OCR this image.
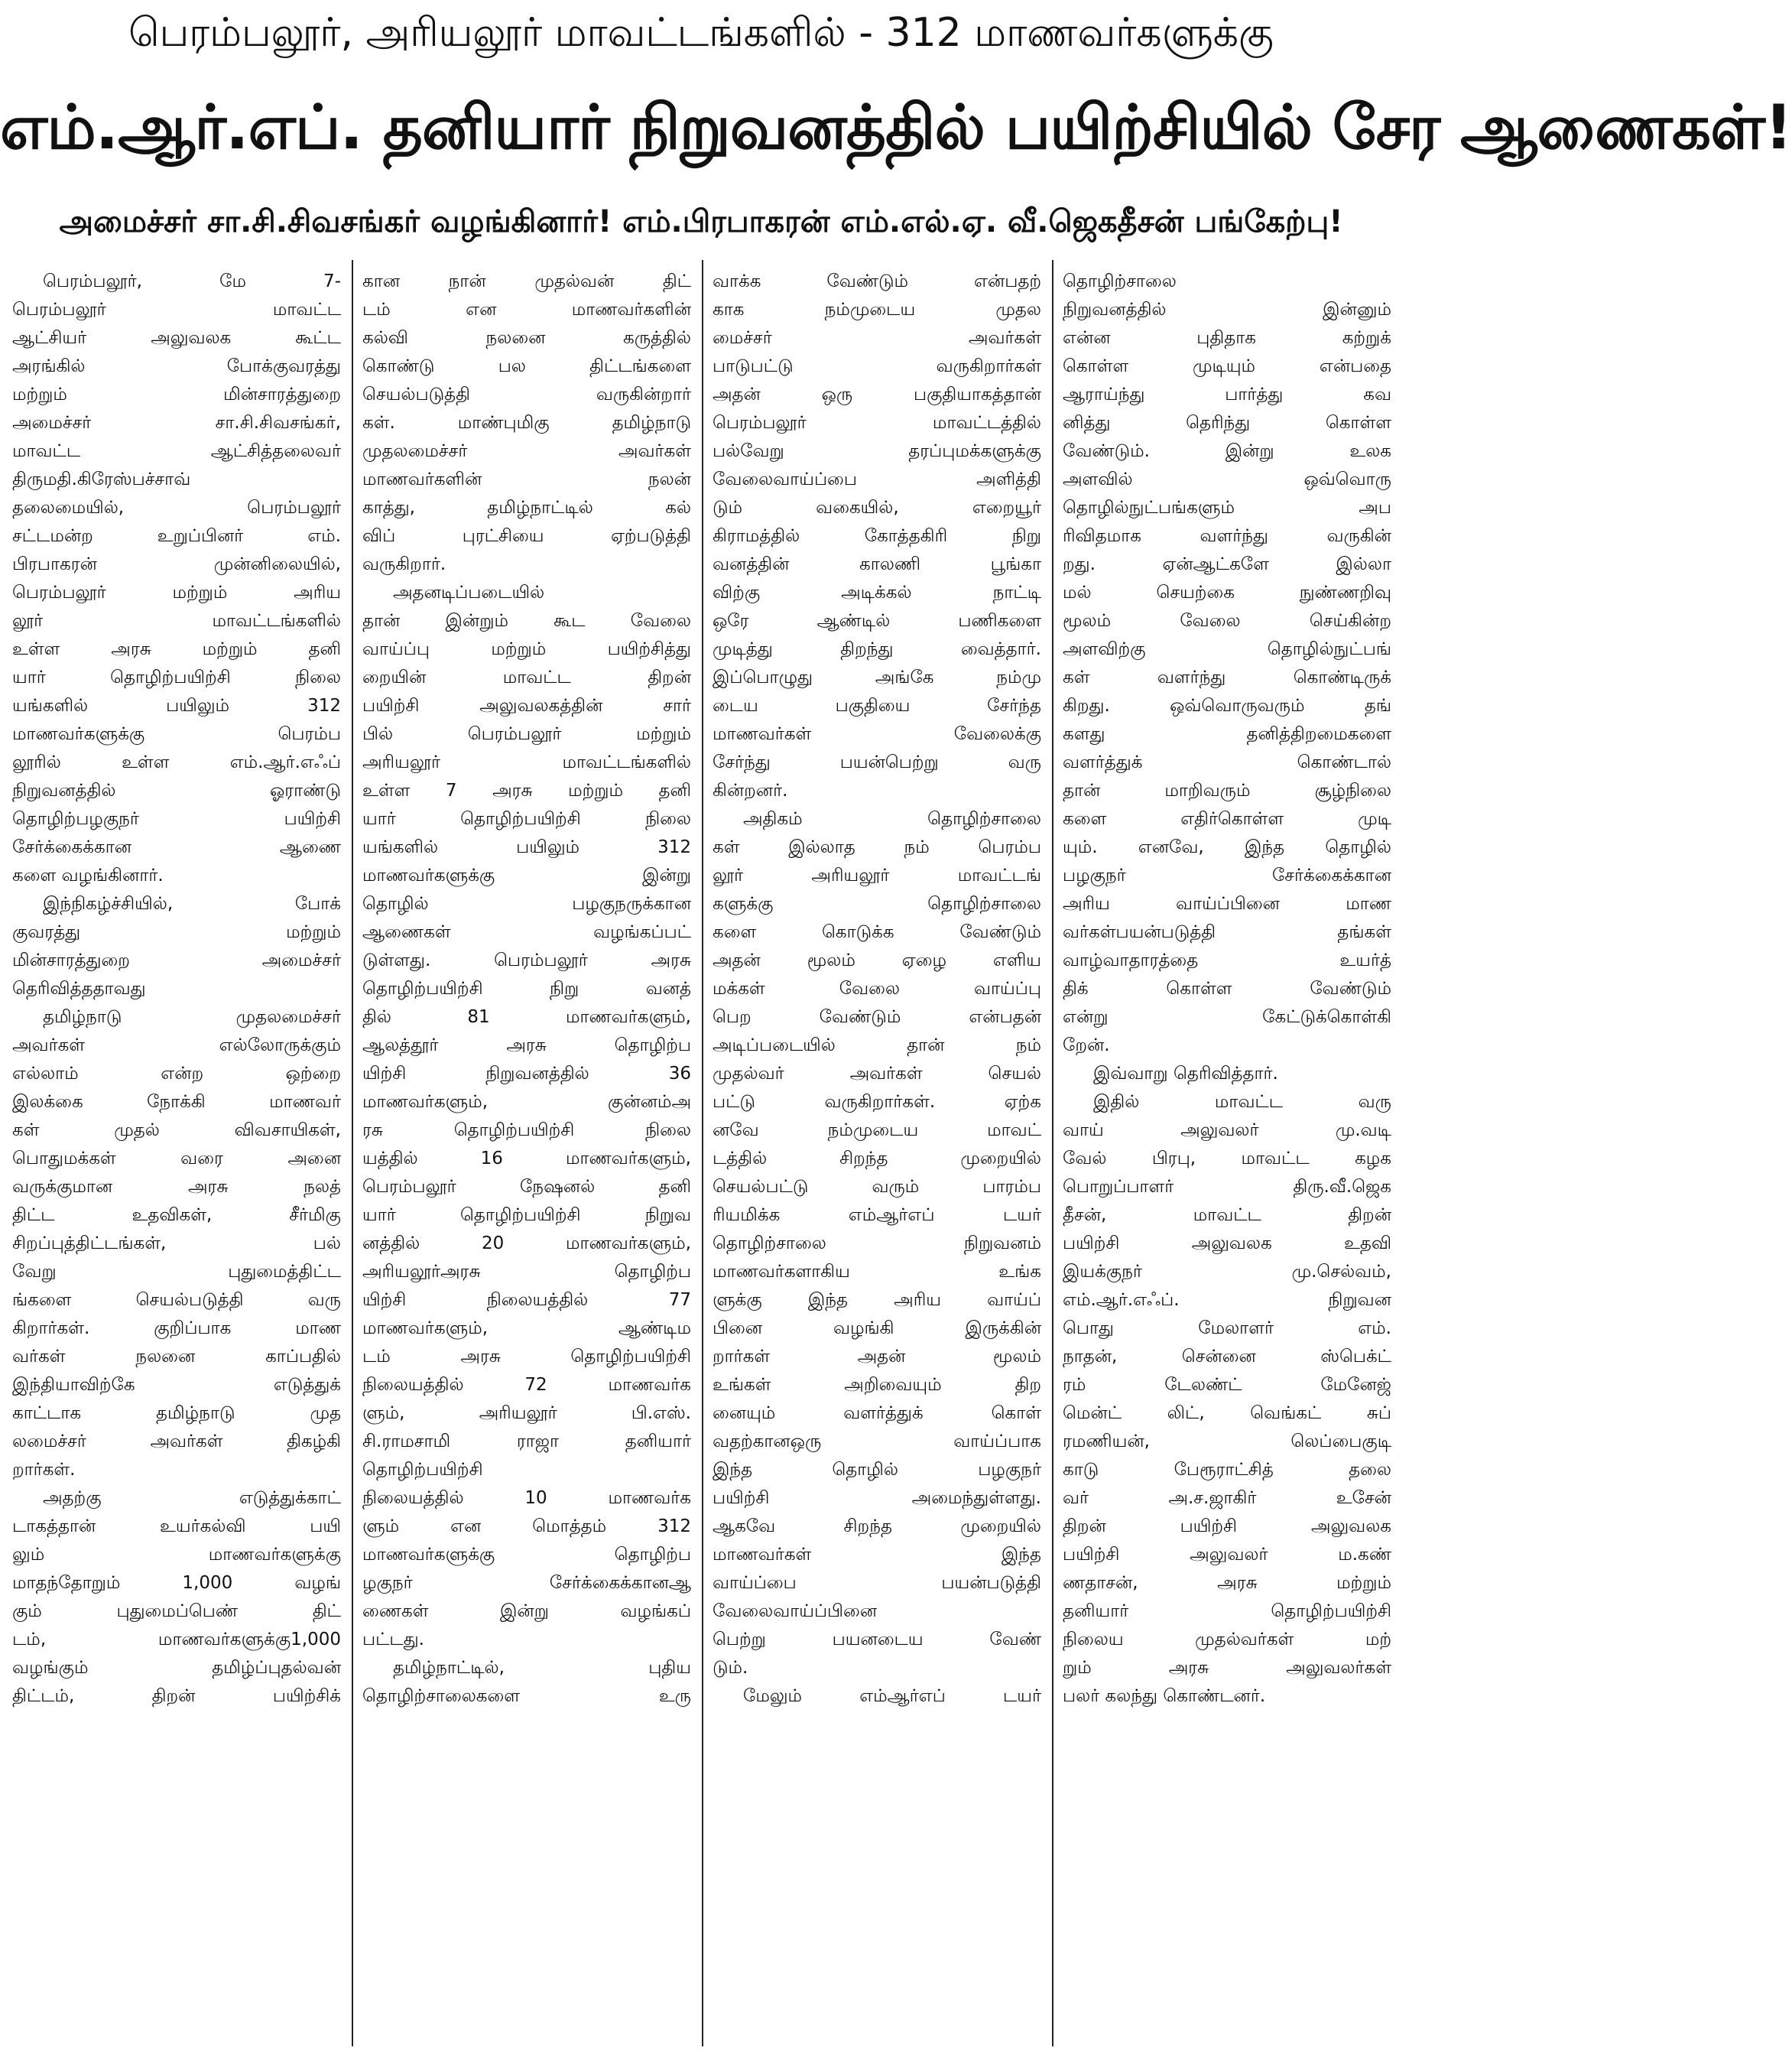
பெரம்பலூர், அரியலூர் மாவட்டங்களில் - 312 மாணவர்களுக்கு
எம்.ஆர்.எப். தனியார் நிறுவனத்தில் பயிற்சியில் சேர ஆணைகள்!
அமைச்சர் சா.சி.சிவசங்கர் வழங்கினார்! எம்.பிரபாகரன் எம்.எல்.ஏ. வீ.ஜெகதீசன் பங்கேற்பு!
பெரம்பலூர், மே 7-
பெரம்பலூர் மாவட்ட
ஆட்சியர் அலுவலக கூட்ட
அரங்கில் போக்குவரத்து
மற்றும் மின்சாரத்துறை
அமைச்சர் சா.சி.சிவசங்கர்,
மாவட்ட ஆட்சித்தலைவர்
திருமதி.கிரேஸ்பச்சாவ்
தலைமையில், பெரம்பலூர்
சட்டமன்ற உறுப்பினர் எம்.
பிரபாகரன் முன்னிலையில்,
பெரம்பலூர் மற்றும் அரிய
லூர் மாவட்டங்களில்
உள்ள அரசு மற்றும் தனி
யார் தொழிற்பயிற்சி நிலை
யங்களில் பயிலும் 312
மாணவர்களுக்கு பெரம்ப
லூரில் உள்ள எம்.ஆர்.எஃப்
நிறுவனத்தில் ஓராண்டு
தொழிற்பழகுநர் பயிற்சி
சேர்க்கைக்கான ஆணை
களை வழங்கினார்.
இந்நிகழ்ச்சியில், போக்
குவரத்து மற்றும்
மின்சாரத்துறை அமைச்சர்
தெரிவித்ததாவது
தமிழ்நாடு முதலமைச்சர்
அவர்கள் எல்லோருக்கும்
எல்லாம் என்ற ஒற்றை
இலக்கை நோக்கி மாணவர்
கள் முதல் விவசாயிகள்,
பொதுமக்கள் வரை அனை
வருக்குமான அரசு நலத்
திட்ட உதவிகள், சீர்மிகு
சிறப்புத்திட்டங்கள், பல்
வேறு புதுமைத்திட்ட
ங்களை செயல்படுத்தி வரு
கிறார்கள். குறிப்பாக மாண
வர்கள் நலனை காப்பதில்
இந்தியாவிற்கே எடுத்துக்
காட்டாக தமிழ்நாடு முத
லமைச்சர் அவர்கள் திகழ்கி
றார்கள்.
அதற்கு எடுத்துக்காட்
டாகத்தான் உயர்கல்வி பயி
லும் மாணவர்களுக்கு
மாதந்தோறும் 1,000 வழங்
கும் புதுமைப்பெண் திட்
டம், மாணவர்களுக்கு1,000
வழங்கும் தமிழ்ப்புதல்வன்
திட்டம், திறன் பயிற்சிக்
கான நான் முதல்வன் திட்
டம் என மாணவர்களின்
கல்வி நலனை கருத்தில்
கொண்டு பல திட்டங்களை
செயல்படுத்தி வருகின்றார்
கள். மாண்புமிகு தமிழ்நாடு
முதலமைச்சர் அவர்கள்
மாணவர்களின் நலன்
காத்து, தமிழ்நாட்டில் கல்
விப் புரட்சியை ஏற்படுத்தி
வருகிறார்.
அதனடிப்படையில்
தான் இன்றும் கூட வேலை
வாய்ப்பு மற்றும் பயிற்சித்து
றையின் மாவட்ட திறன்
பயிற்சி அலுவலகத்தின் சார்
பில் பெரம்பலூர் மற்றும்
அரியலூர் மாவட்டங்களில்
உள்ள 7 அரசு மற்றும் தனி
யார் தொழிற்பயிற்சி நிலை
யங்களில் பயிலும் 312
மாணவர்களுக்கு இன்று
தொழில் பழகுநருக்கான
ஆணைகள் வழங்கப்பட்
டுள்ளது. பெரம்பலூர் அரசு
தொழிற்பயிற்சி நிறு வனத்
தில் 81 மாணவர்களும்,
ஆலத்தூர் அரசு தொழிற்ப
யிற்சி நிறுவனத்தில் 36
மாணவர்களும், குன்னம்அ
ரசு தொழிற்பயிற்சி நிலை
யத்தில் 16 மாணவர்களும்,
பெரம்பலூர் நேஷனல் தனி
யார் தொழிற்பயிற்சி நிறுவ
னத்தில் 20 மாணவர்களும்,
அரியலூர்அரசு தொழிற்ப
யிற்சி நிலையத்தில் 77
மாணவர்களும், ஆண்டிம
டம் அரசு தொழிற்பயிற்சி
நிலையத்தில் 72 மாணவர்க
ளும், அரியலூர் பி.எஸ்.
சி.ராமசாமி ராஜா தனியார்
தொழிற்பயிற்சி
நிலையத்தில் 10 மாணவர்க
ளும் என மொத்தம் 312
மாணவர்களுக்கு தொழிற்ப
ழகுநர் சேர்க்கைக்கானஆ
ணைகள் இன்று வழங்கப்
பட்டது.
தமிழ்நாட்டில், புதிய
தொழிற்சாலைகளை உரு
வாக்க வேண்டும் என்பதற்
காக நம்முடைய முதல
மைச்சர் அவர்கள்
பாடுபட்டு வருகிறார்கள்
அதன் ஒரு பகுதியாகத்தான்
பெரம்பலூர் மாவட்டத்தில்
பல்வேறு தரப்புமக்களுக்கு
வேலைவாய்ப்பை அளித்தி
டும் வகையில், எறையூர்
கிராமத்தில் கோத்தகிரி நிறு
வனத்தின் காலணி பூங்கா
விற்கு அடிக்கல் நாட்டி
ஒரே ஆண்டில் பணிகளை
முடித்து திறந்து வைத்தார்.
இப்பொழுது அங்கே நம்மு
டைய பகுதியை சேர்ந்த
மாணவர்கள் வேலைக்கு
சேர்ந்து பயன்பெற்று வரு
கின்றனர்.
அதிகம் தொழிற்சாலை
கள் இல்லாத நம் பெரம்ப
லூர் அரியலூர் மாவட்டங்
களுக்கு தொழிற்சாலை
களை கொடுக்க வேண்டும்
அதன் மூலம் ஏழை எளிய
மக்கள் வேலை வாய்ப்பு
பெற வேண்டும் என்பதன்
அடிப்படையில் தான் நம்
முதல்வர் அவர்கள் செயல்
பட்டு வருகிறார்கள். ஏற்க
னவே நம்முடைய மாவட்
டத்தில் சிறந்த முறையில்
செயல்பட்டு வரும் பாரம்ப
ரியமிக்க எம்ஆர்எப் டயர்
தொழிற்சாலை நிறுவனம்
மாணவர்களாகிய உங்க
ளுக்கு இந்த அரிய வாய்ப்
பினை வழங்கி இருக்கின்
றார்கள் அதன் மூலம்
உங்கள் அறிவையும் திற
னையும் வளர்த்துக் கொள்
வதற்கானஒரு வாய்ப்பாக
இந்த தொழில் பழகுநர்
பயிற்சி அமைந்துள்ளது.
ஆகவே சிறந்த முறையில்
மாணவர்கள் இந்த
வாய்ப்பை பயன்படுத்தி
வேலைவாய்ப்பினை
பெற்று பயனடைய வேண்
டும்.
மேலும் எம்ஆர்எப் டயர்
தொழிற்சாலை
நிறுவனத்தில் இன்னும்
என்ன புதிதாக கற்றுக்
கொள்ள முடியும் என்பதை
ஆராய்ந்து பார்த்து கவ
னித்து தெரிந்து கொள்ள
வேண்டும். இன்று உலக
அளவில் ஒவ்வொரு
தொழில்நுட்பங்களும் அப
ரிவிதமாக வளர்ந்து வருகின்
றது. ஏன்ஆட்களே இல்லா
மல் செயற்கை நுண்ணறிவு
மூலம் வேலை செய்கின்ற
அளவிற்கு தொழில்நுட்பங்
கள் வளர்ந்து கொண்டிருக்
கிறது. ஒவ்வொருவரும் தங்
களது தனித்திறமைகளை
வளர்த்துக் கொண்டால்
தான் மாறிவரும் சூழ்நிலை
களை எதிர்கொள்ள முடி
யும். எனவே, இந்த தொழில்
பழகுநர் சேர்க்கைக்கான
அரிய வாய்ப்பினை மாண
வர்கள்பயன்படுத்தி தங்கள்
வாழ்வாதாரத்தை உயர்த்
திக் கொள்ள வேண்டும்
என்று கேட்டுக்கொள்கி
றேன்.
இவ்வாறு தெரிவித்தார்.
இதில் மாவட்ட வரு
வாய் அலுவலர் மு.வடி
வேல் பிரபு, மாவட்ட கழக
பொறுப்பாளர் திரு.வீ.ஜெக
தீசன், மாவட்ட திறன்
பயிற்சி அலுவலக உதவி
இயக்குநர் மு.செல்வம்,
எம்.ஆர்.எஃப். நிறுவன
பொது மேலாளர் எம்.
நாதன், சென்னை ஸ்பெக்ட்
ரம் டேலண்ட் மேனேஜ்
மென்ட் லிட், வெங்கட் சுப்
ரமணியன், லெப்பைகுடி
காடு பேரூராட்சித் தலை
வர் அ.ச.ஜாகிர் உசேன்
திறன் பயிற்சி அலுவலக
பயிற்சி அலுவலர் ம.கண்
ணதாசன், அரசு மற்றும்
தனியார் தொழிற்பயிற்சி
நிலைய முதல்வர்கள் மற்
றும் அரசு அலுவலர்கள்
பலர் கலந்து கொண்டனர்.
